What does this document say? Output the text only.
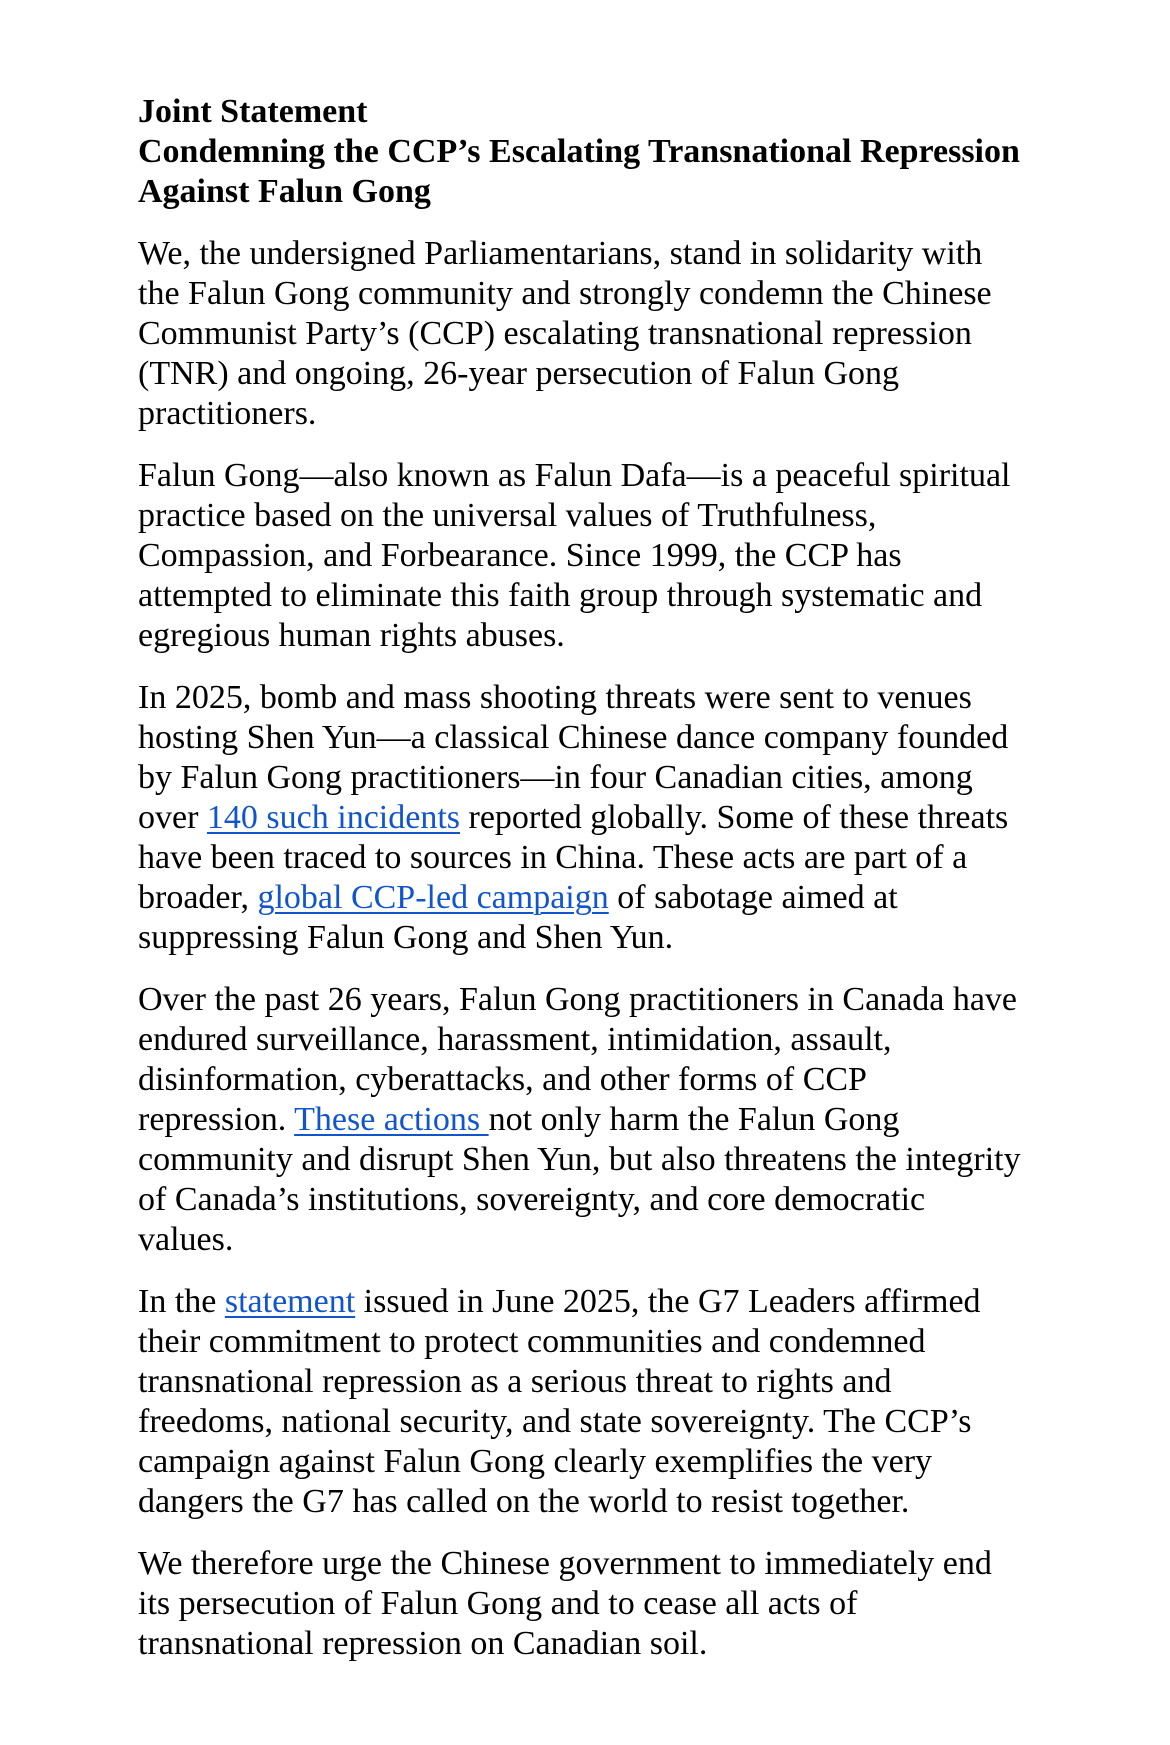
Joint Statement
Condemning the CCP’s Escalating Transnational Repression
Against Falun Gong
We, the undersigned Parliamentarians, stand in solidarity with
the Falun Gong community and strongly condemn the Chinese
Communist Party’s (CCP) escalating transnational repression
(TNR) and ongoing, 26-year persecution of Falun Gong
practitioners.
Falun Gong—also known as Falun Dafa—is a peaceful spiritual
practice based on the universal values of Truthfulness,
Compassion, and Forbearance. Since 1999, the CCP has
attempted to eliminate this faith group through systematic and
egregious human rights abuses.
In 2025, bomb and mass shooting threats were sent to venues
hosting Shen Yun—a classical Chinese dance company founded
by Falun Gong practitioners—in four Canadian cities, among
over 140 such incidents reported globally. Some of these threats
have been traced to sources in China. These acts are part of a
broader, global CCP-led campaign of sabotage aimed at
suppressing Falun Gong and Shen Yun.
Over the past 26 years, Falun Gong practitioners in Canada have
endured surveillance, harassment, intimidation, assault,
disinformation, cyberattacks, and other forms of CCP
repression. These actions not only harm the Falun Gong
community and disrupt Shen Yun, but also threatens the integrity
of Canada’s institutions, sovereignty, and core democratic
values.
In the statement issued in June 2025, the G7 Leaders affirmed
their commitment to protect communities and condemned
transnational repression as a serious threat to rights and
freedoms, national security, and state sovereignty. The CCP’s
campaign against Falun Gong clearly exemplifies the very
dangers the G7 has called on the world to resist together.
We therefore urge the Chinese government to immediately end
its persecution of Falun Gong and to cease all acts of
transnational repression on Canadian soil.
